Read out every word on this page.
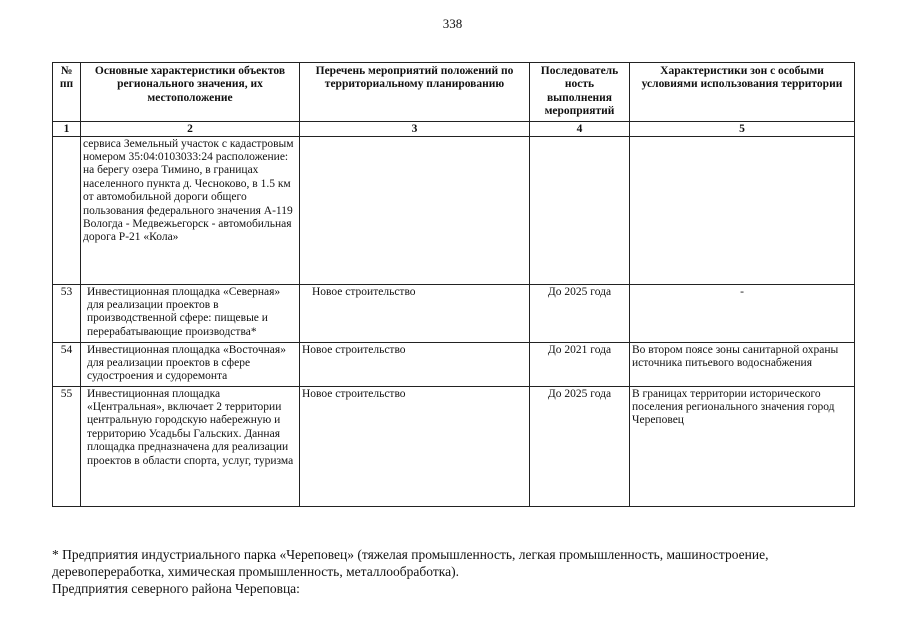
338
№ пп	Основные характеристики объектов регионального значения, их местоположение	Перечень мероприятий положений по территориальному планированию	Последователь ность выполнения мероприятий	Характеристики зон с особыми условиями использования территории
1	2	3	4	5
	сервиса Земельный участок с кадастровым номером 35:04:0103033:24 расположение: на берегу озера Тимино, в границах населенного пункта д. Чесноково, в 1.5 км от автомобильной дороги общего пользования федерального значения А-119 Вологда - Медвежьегорск - автомобильная дорога Р-21 «Кола»			
53	Инвестиционная площадка «Северная» для реализации проектов в производственной сфере: пищевые и перерабатывающие производства*	Новое строительство	До 2025 года	-
54	Инвестиционная площадка «Восточная» для реализации проектов в сфере судостроения и судоремонта	Новое строительство	До 2021 года	Во втором поясе зоны санитарной охраны источника питьевого водоснабжения
55	Инвестиционная площадка «Центральная», включает 2 территории центральную городскую набережную и территорию Усадьбы Гальских. Данная площадка предназначена для реализации проектов в области спорта, услуг, туризма	Новое строительство	До 2025 года	В границах территории исторического поселения регионального значения город Череповец

* Предприятия индустриального парка «Череповец» (тяжелая промышленность, легкая промышленность, машиностроение, деревопереработка, химическая промышленность, металлообработка).

Предприятия северного района Череповца:
